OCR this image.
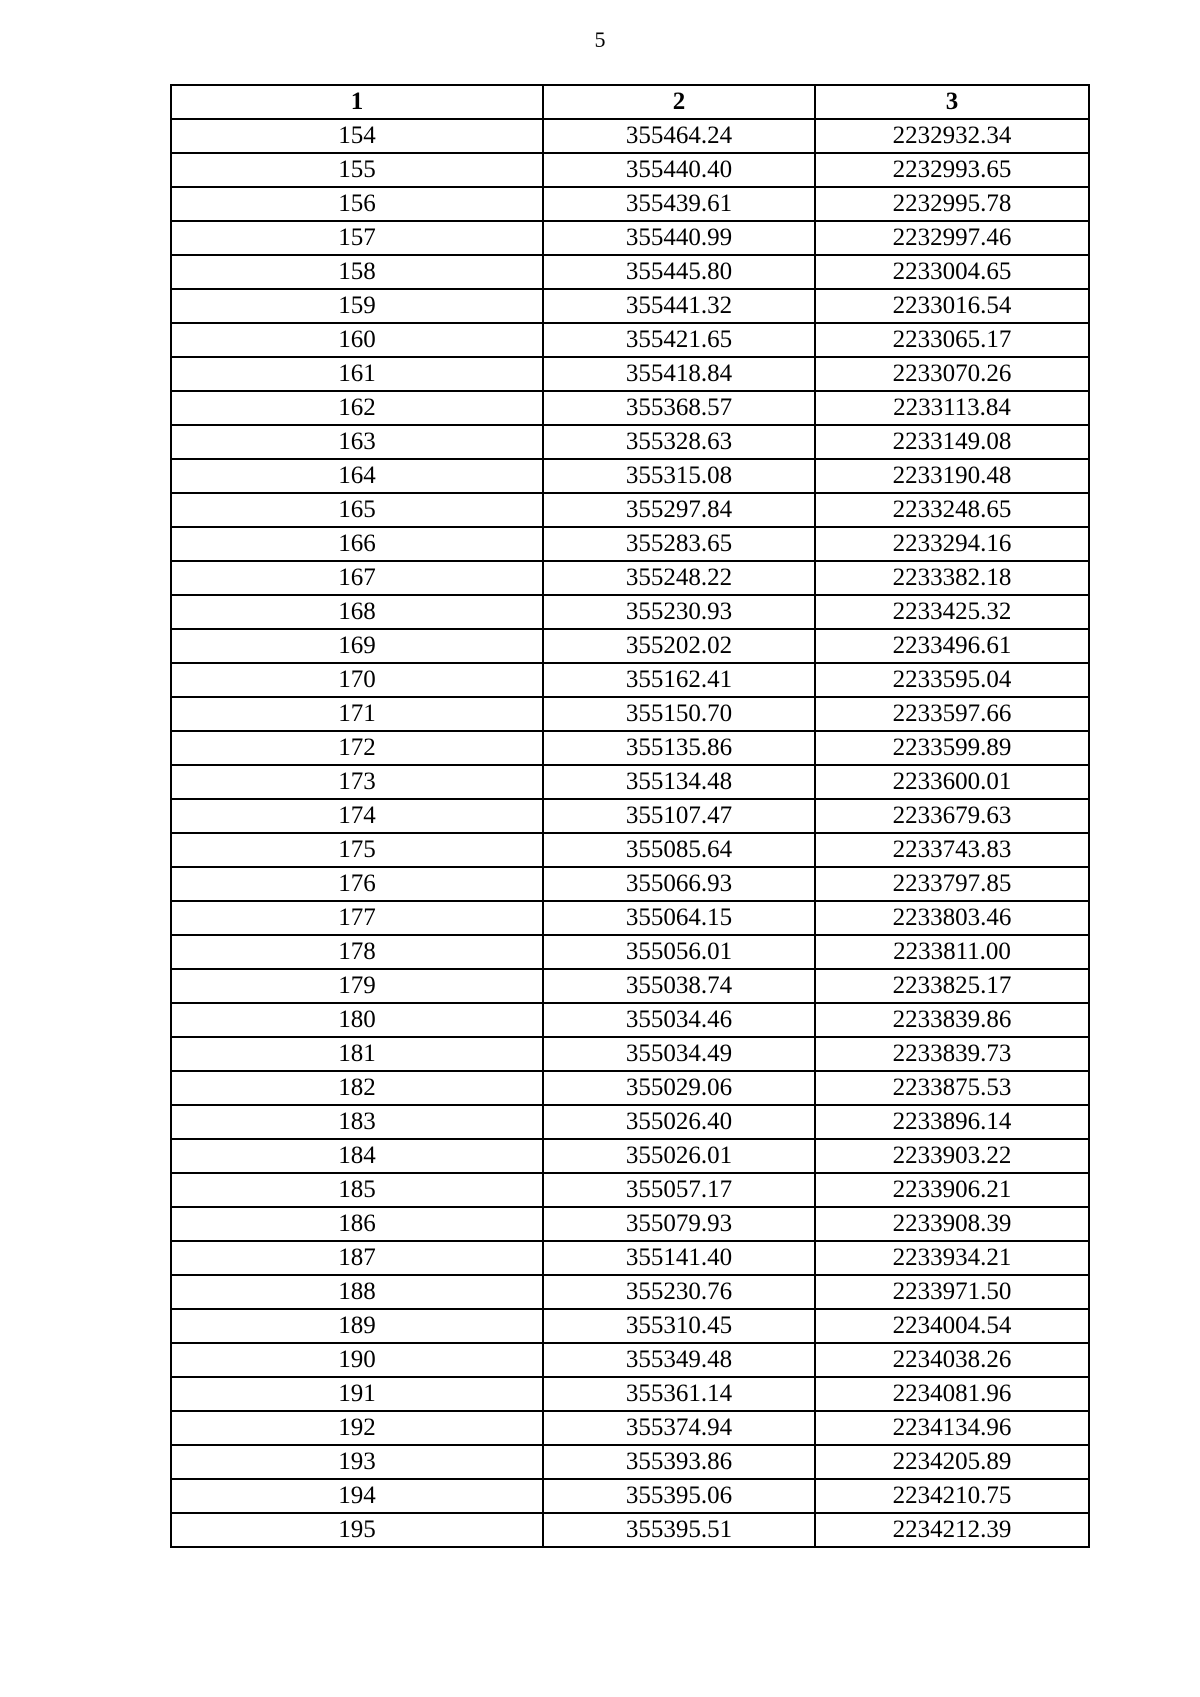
5
1	2	3
154	355464.24	2232932.34
155	355440.40	2232993.65
156	355439.61	2232995.78
157	355440.99	2232997.46
158	355445.80	2233004.65
159	355441.32	2233016.54
160	355421.65	2233065.17
161	355418.84	2233070.26
162	355368.57	2233113.84
163	355328.63	2233149.08
164	355315.08	2233190.48
165	355297.84	2233248.65
166	355283.65	2233294.16
167	355248.22	2233382.18
168	355230.93	2233425.32
169	355202.02	2233496.61
170	355162.41	2233595.04
171	355150.70	2233597.66
172	355135.86	2233599.89
173	355134.48	2233600.01
174	355107.47	2233679.63
175	355085.64	2233743.83
176	355066.93	2233797.85
177	355064.15	2233803.46
178	355056.01	2233811.00
179	355038.74	2233825.17
180	355034.46	2233839.86
181	355034.49	2233839.73
182	355029.06	2233875.53
183	355026.40	2233896.14
184	355026.01	2233903.22
185	355057.17	2233906.21
186	355079.93	2233908.39
187	355141.40	2233934.21
188	355230.76	2233971.50
189	355310.45	2234004.54
190	355349.48	2234038.26
191	355361.14	2234081.96
192	355374.94	2234134.96
193	355393.86	2234205.89
194	355395.06	2234210.75
195	355395.51	2234212.39
